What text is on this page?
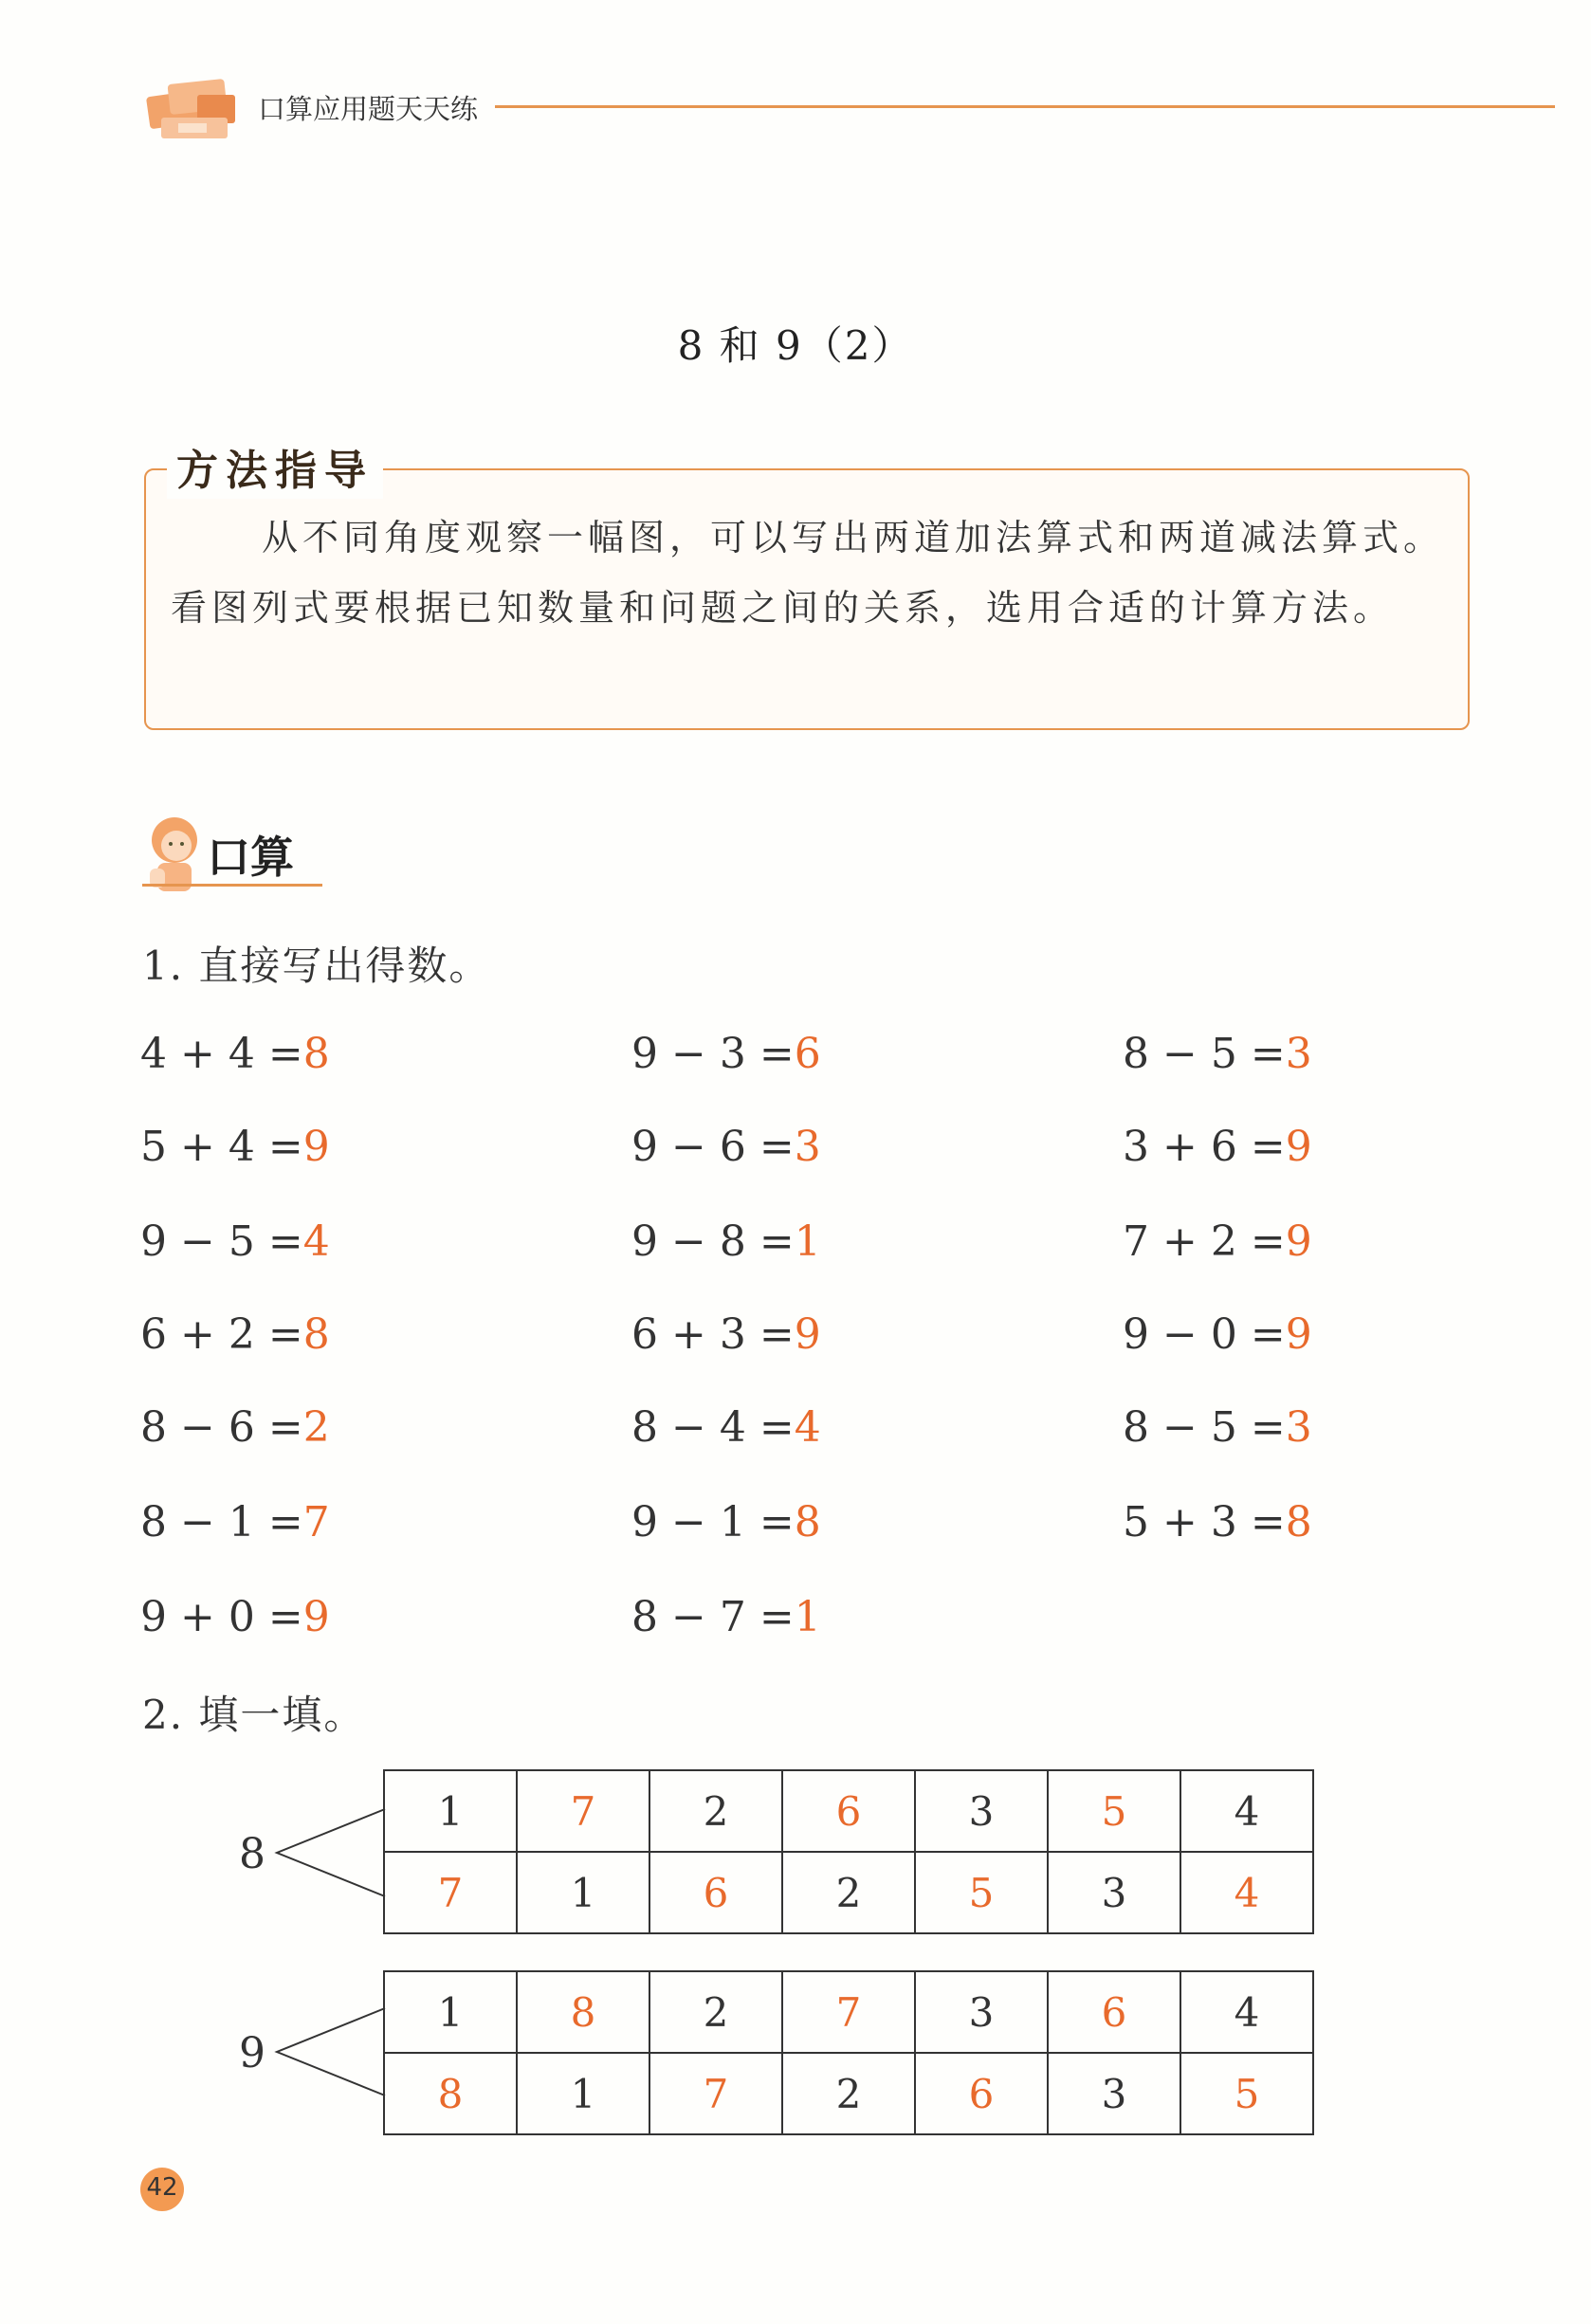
口算应用题天天练
8 和 9（2）
方法指导
从不同角度观察一幅图，可以写出两道加法算式和两道减法算式。看图列式要根据已知数量和问题之间的关系，选用合适的计算方法。
口算
1. 直接写出得数。
4 + 4 =8
5 + 4 =9
9 − 5 =4
6 + 2 =8
8 − 6 =2
8 − 1 =7
9 + 0 =9
9 − 3 =6
9 − 6 =3
9 − 8 =1
6 + 3 =9
8 − 4 =4
9 − 1 =8
8 − 7 =1
8 − 5 =3
3 + 6 =9
7 + 2 =9
9 − 0 =9
8 − 5 =3
5 + 3 =8
2. 填一填。
8
1	7	2	6	3	5	4
7	1	6	2	5	3	4
9
1	8	2	7	3	6	4
8	1	7	2	6	3	5
42
